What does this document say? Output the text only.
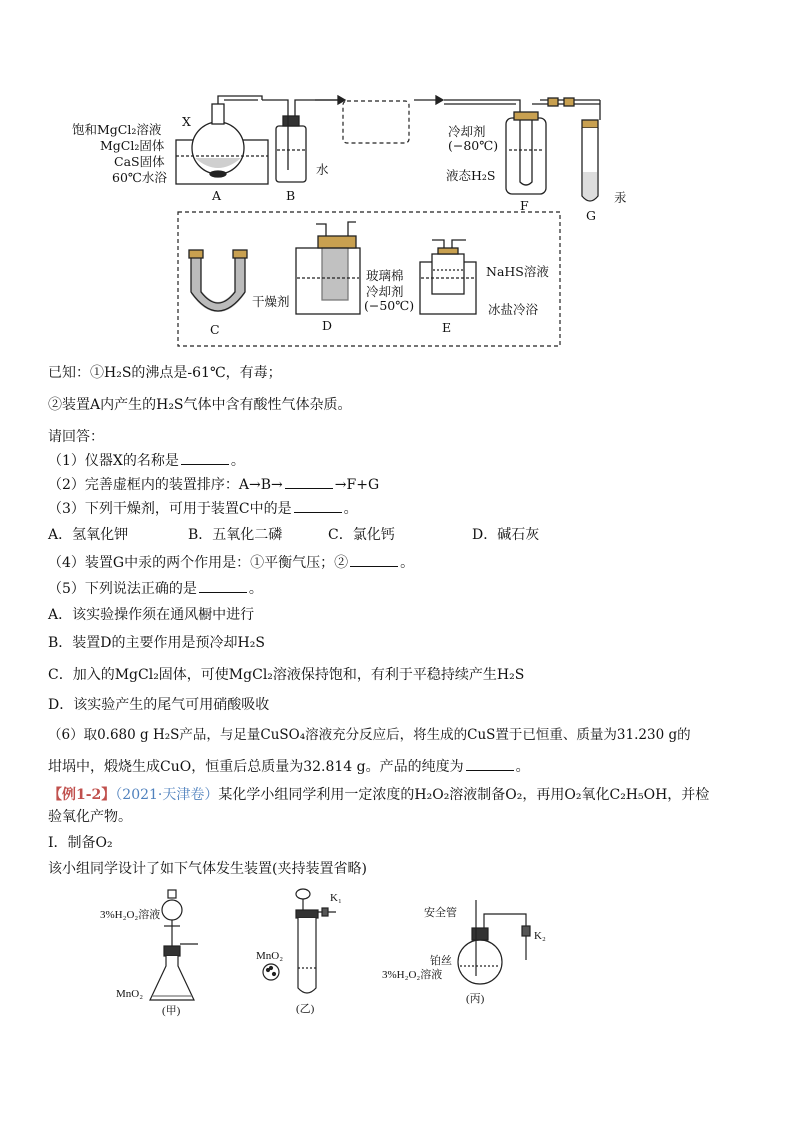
饱和MgCl₂溶液
X
MgCl₂固体
CaS固体
60℃水浴
A	B
水
冷却剂
(−80℃)
液态H₂S
F
G
汞
干燥剂
C
玻璃棉
冷却剂
(−50℃)
D
NaHS溶液
冰盐冷浴
E
已知：①H₂S的沸点是-61℃，有毒；
②装置A内产生的H₂S气体中含有酸性气体杂质。
请回答：
（1）仪器X的名称是	。
（2）完善虚框内的装置排序：A→B→	→F+G
（3）下列干燥剂，可用于装置C中的是	。
A．氢氧化钾	B．五氧化二磷	C．氯化钙	D．碱石灰
（4）装置G中汞的两个作用是：①平衡气压；②	。
（5）下列说法正确的是	。
A．该实验操作须在通风橱中进行
B．装置D的主要作用是预冷却H₂S
C．加入的MgCl₂固体，可使MgCl₂溶液保持饱和，有利于平稳持续产生H₂S
D．该实验产生的尾气可用硝酸吸收
（6）取0.680 g H₂S产品，与足量CuSO₄溶液充分反应后，将生成的CuS置于已恒重、质量为31.230 g的
坩埚中，煅烧生成CuO，恒重后总质量为32.814 g。产品的纯度为	。
【例1-2】（2021·天津卷）某化学小组同学利用一定浓度的H₂O₂溶液制备O₂，再用O₂氧化C₂H₅OH，并检
验氧化产物。
Ⅰ．制备O₂
该小组同学设计了如下气体发生装置(夹持装置省略)
3%H₂O₂溶液
MnO₂
(甲)
K₁
MnO₂
(乙)
安全管
K₂
铂丝
3%H₂O₂溶液
(丙)
